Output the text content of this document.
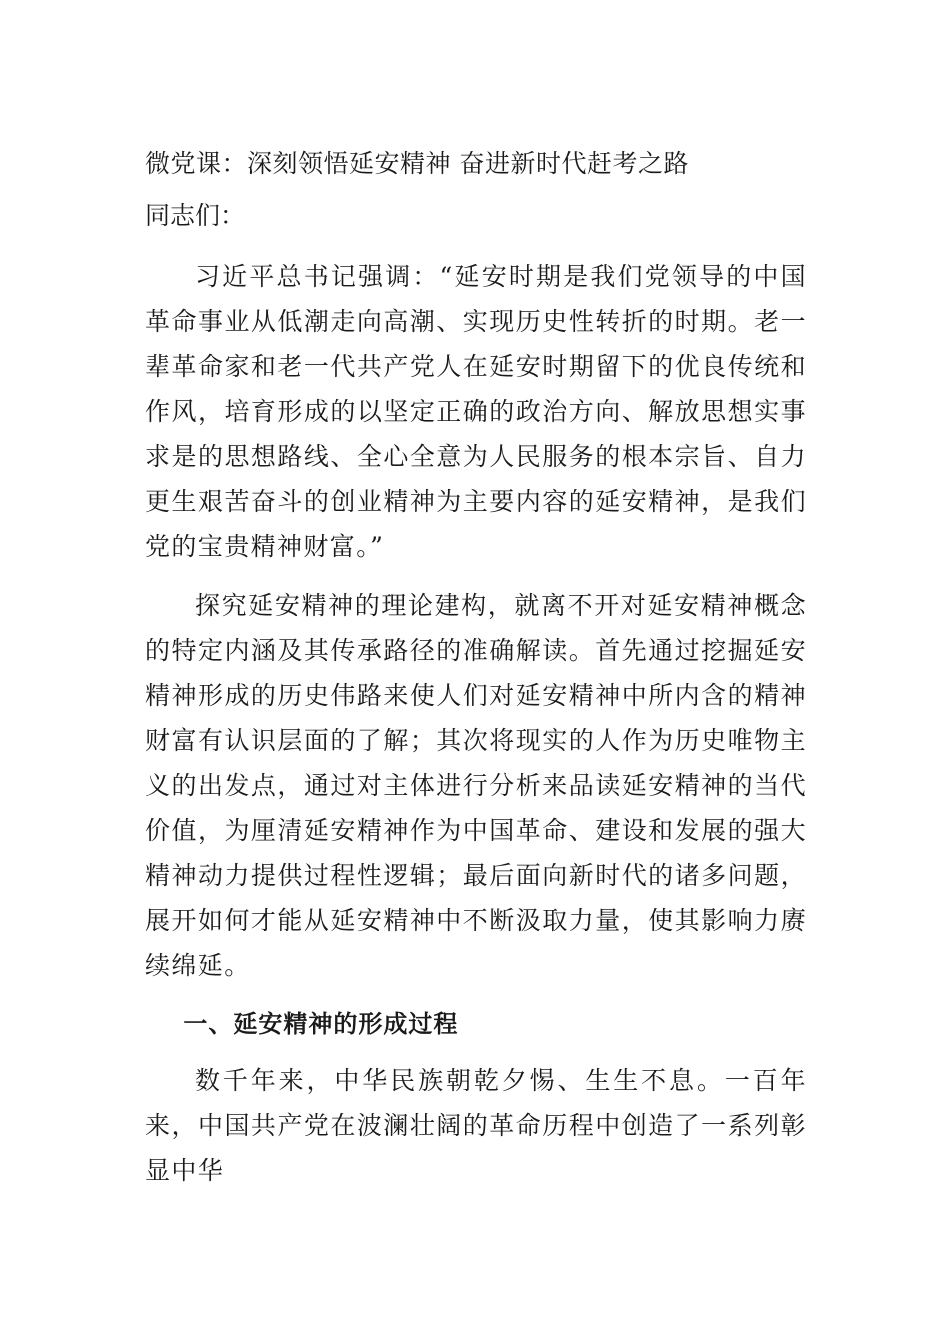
微党课：深刻领悟延安精神 奋进新时代赶考之路
同志们：

习近平总书记强调：“延安时期是我们党领导的中国革命事业从低潮走向高潮、实现历史性转折的时期。老一辈革命家和老一代共产党人在延安时期留下的优良传统和作风，培育形成的以坚定正确的政治方向、解放思想实事求是的思想路线、全心全意为人民服务的根本宗旨、自力更生艰苦奋斗的创业精神为主要内容的延安精神，是我们党的宝贵精神财富。”

探究延安精神的理论建构，就离不开对延安精神概念的特定内涵及其传承路径的准确解读。首先通过挖掘延安精神形成的历史伟路来使人们对延安精神中所内含的精神财富有认识层面的了解；其次将现实的人作为历史唯物主义的出发点，通过对主体进行分析来品读延安精神的当代价值，为厘清延安精神作为中国革命、建设和发展的强大精神动力提供过程性逻辑；最后面向新时代的诸多问题，展开如何才能从延安精神中不断汲取力量，使其影响力赓续绵延。

一、延安精神的形成过程

数千年来，中华民族朝乾夕惕、生生不息。一百年来，中国共产党在波澜壮阔的革命历程中创造了一系列彰显中华
